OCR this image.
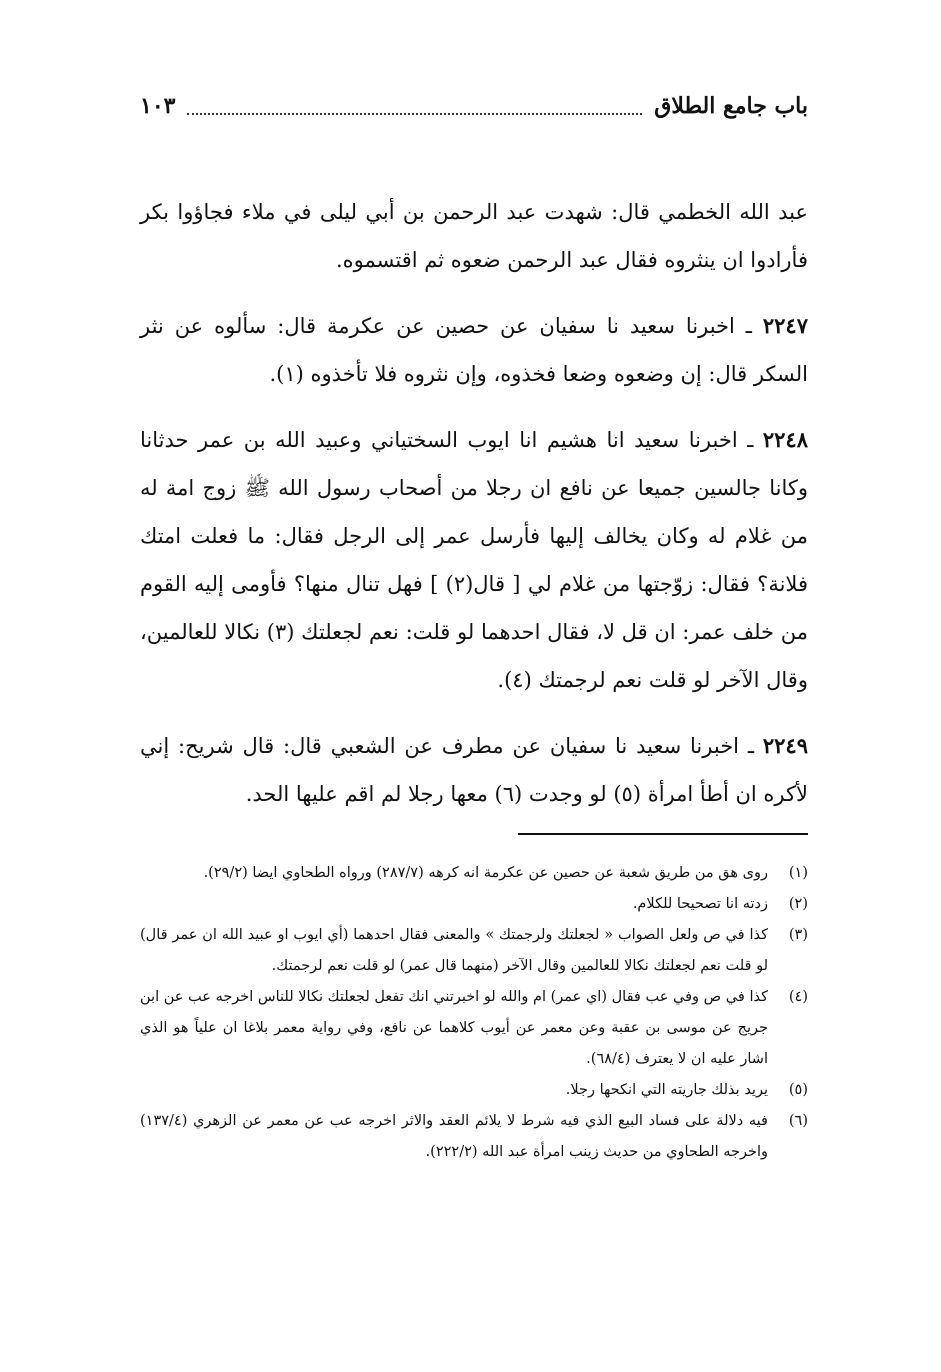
باب جامع الطلاق
١٠٣

عبد الله الخطمي قال: شهدت عبد الرحمن بن أبي ليلى في ملاء فجاؤوا بكر فأرادوا ان ينثروه فقال عبد الرحمن ضعوه ثم اقتسموه.

٢٢٤٧ ـ اخبرنا سعيد نا سفيان عن حصين عن عكرمة قال: سألوه عن نثر السكر قال: إن وضعوه وضعا فخذوه، وإن نثروه فلا تأخذوه (١).

٢٢٤٨ ـ اخبرنا سعيد انا هشيم انا ايوب السختياني وعبيد الله بن عمر حدثانا وكانا جالسين جميعا عن نافع ان رجلا من أصحاب رسول الله ﷺ زوج امة له من غلام له وكان يخالف إليها فأرسل عمر إلى الرجل فقال: ما فعلت امتك فلانة؟ فقال: زوّجتها من غلام لي [ قال(٢) ] فهل تنال منها؟ فأومى إليه القوم من خلف عمر: ان قل لا، فقال احدهما لو قلت: نعم لجعلتك (٣) نكالا للعالمين، وقال الآخر لو قلت نعم لرجمتك (٤).

٢٢٤٩ ـ اخبرنا سعيد نا سفيان عن مطرف عن الشعبي قال: قال شريح: إني لأكره ان أطأ امرأة (٥) لو وجدت (٦) معها رجلا لم اقم عليها الحد.

(١)
روى هق من طريق شعبة عن حصين عن عكرمة انه كرهه (٢٨٧/٧) ورواه الطحاوي ايضا (٢٩/٢).
(٢)
زدته انا تصحيحا للكلام.
(٣)
كذا في ص ولعل الصواب « لجعلتك ولرجمتك » والمعنى فقال احدهما (أي ايوب او عبيد الله ان عمر قال) لو قلت نعم لجعلتك نكالا للعالمين وقال الآخر (منهما قال عمر) لو قلت نعم لرجمتك.
(٤)
كذا في ص وفي عب فقال (اي عمر) ام والله لو اخبرتني انك تفعل لجعلتك نكالا للناس اخرجه عب عن ابن جريج عن موسى بن عقبة وعن معمر عن أيوب كلاهما عن نافع، وفي رواية معمر بلاغا ان علياً هو الذي اشار عليه ان لا يعترف (٦٨/٤).
(٥)
يريد بذلك جاريته التي انكحها رجلا.
(٦)
فيه دلالة على فساد البيع الذي فيه شرط لا يلائم العقد والاثر اخرجه عب عن معمر عن الزهري (١٣٧/٤) واخرجه الطحاوي من حديث زينب امرأة عبد الله (٢٢٢/٢).
